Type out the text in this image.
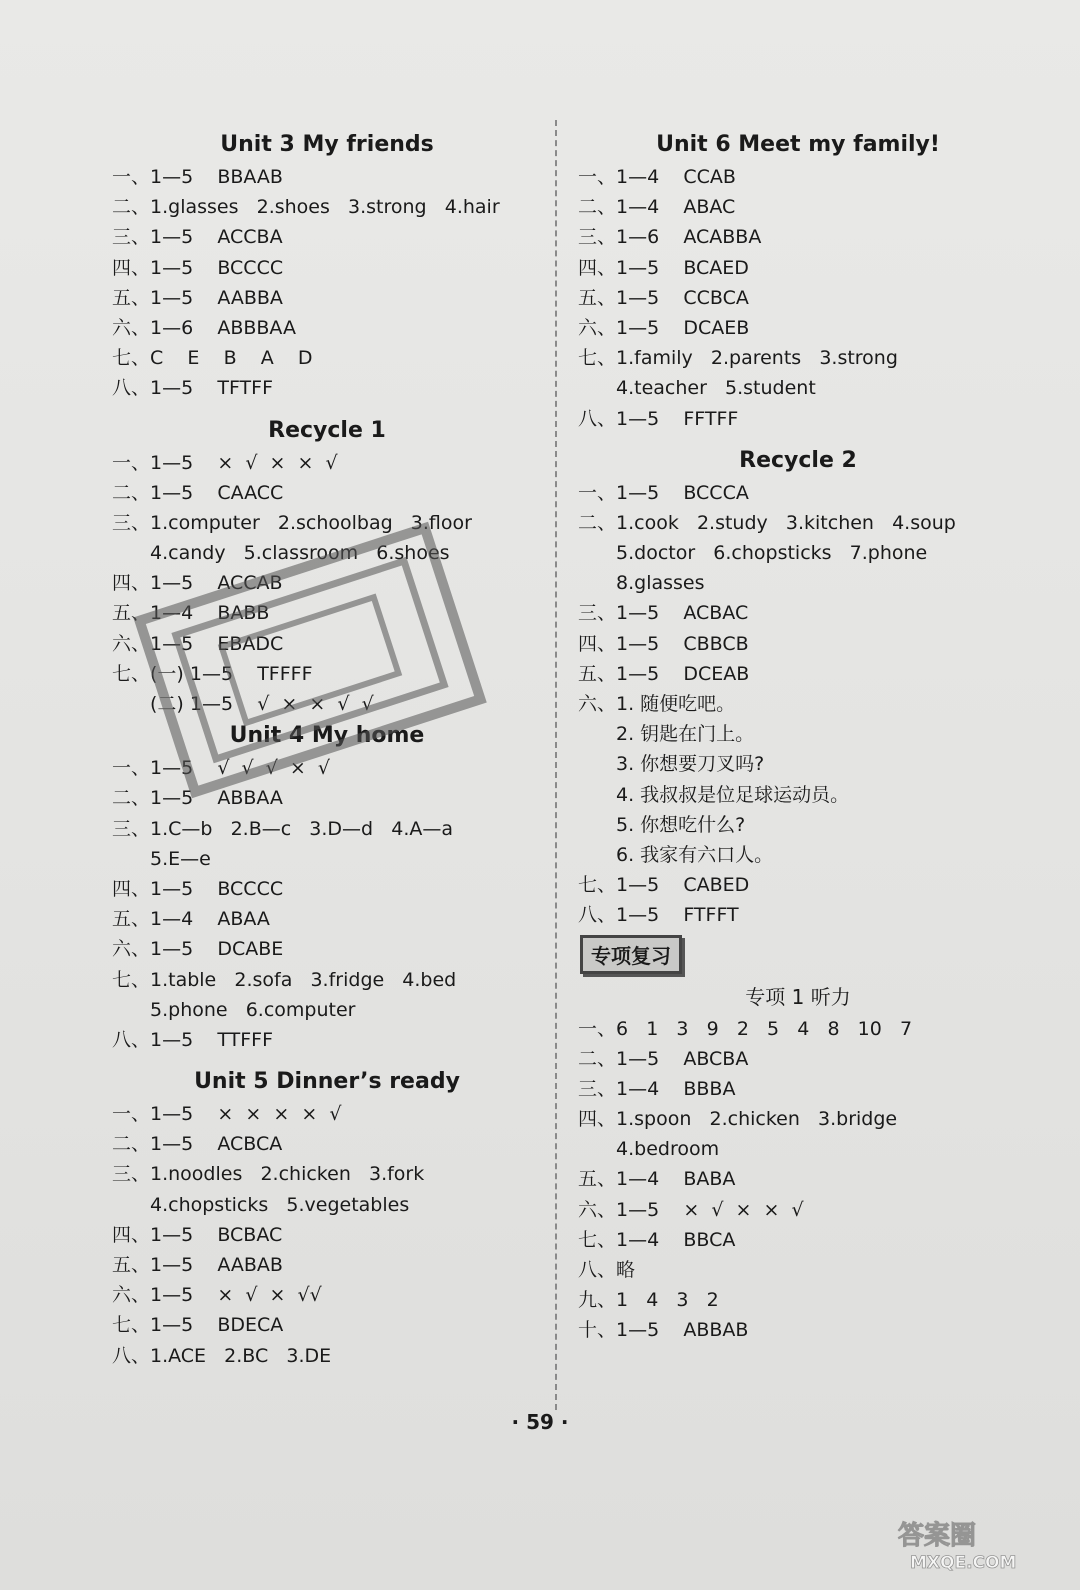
Unit 3 My friends
一、1—5    BBAAB
二、1.glasses   2.shoes   3.strong   4.hair
三、1—5    ACCBA
四、1—5    BCCCC
五、1—5    AABBA
六、1—6    ABBBAA
七、C    E    B    A    D
八、1—5    TFTFF
Recycle 1
一、1—5    ×  √  ×  ×  √
二、1—5    CAACC
三、1.computer   2.schoolbag   3.floor
4.candy   5.classroom   6.shoes
四、1—5    ACCAB
五、1—4    BABB
六、1—5    EBADC
七、(一) 1—5    TFFFF
(二) 1—5    √  ×  ×  √  √
Unit 4 My home
一、1—5    √  √  √  ×  √
二、1—5    ABBAA
三、1.C—b   2.B—c   3.D—d   4.A—a
5.E—e
四、1—5    BCCCC
五、1—4    ABAA
六、1—5    DCABE
七、1.table   2.sofa   3.fridge   4.bed
5.phone   6.computer
八、1—5    TTFFF
Unit 5 Dinner’s ready
一、1—5    ×  ×  ×  ×  √
二、1—5    ACBCA
三、1.noodles   2.chicken   3.fork
4.chopsticks   5.vegetables
四、1—5    BCBAC
五、1—5    AABAB
六、1—5    ×  √  ×  √√
七、1—5    BDECA
八、1.ACE   2.BC   3.DE
Unit 6 Meet my family!
一、1—4    CCAB
二、1—4    ABAC
三、1—6    ACABBA
四、1—5    BCAED
五、1—5    CCBCA
六、1—5    DCAEB
七、1.family   2.parents   3.strong
4.teacher   5.student
八、1—5    FFTFF
Recycle 2
一、1—5    BCCCA
二、1.cook   2.study   3.kitchen   4.soup
5.doctor   6.chopsticks   7.phone
8.glasses
三、1—5    ACBAC
四、1—5    CBBCB
五、1—5    DCEAB
六、1. 随便吃吧。
2. 钥匙在门上。
3. 你想要刀叉吗?
4. 我叔叔是位足球运动员。
5. 你想吃什么?
6. 我家有六口人。
七、1—5    CABED
八、1—5    FTFFT
专项复习
专项 1 听力
一、6   1   3   9   2   5   4   8   10   7
二、1—5    ABCBA
三、1—4    BBBA
四、1.spoon   2.chicken   3.bridge
4.bedroom
五、1—4    BABA
六、1—5    ×  √  ×  ×  √
七、1—4    BBCA
八、略
九、1   4   3   2
十、1—5    ABBAB
· 59 ·
答案圈
MXQE.COM
